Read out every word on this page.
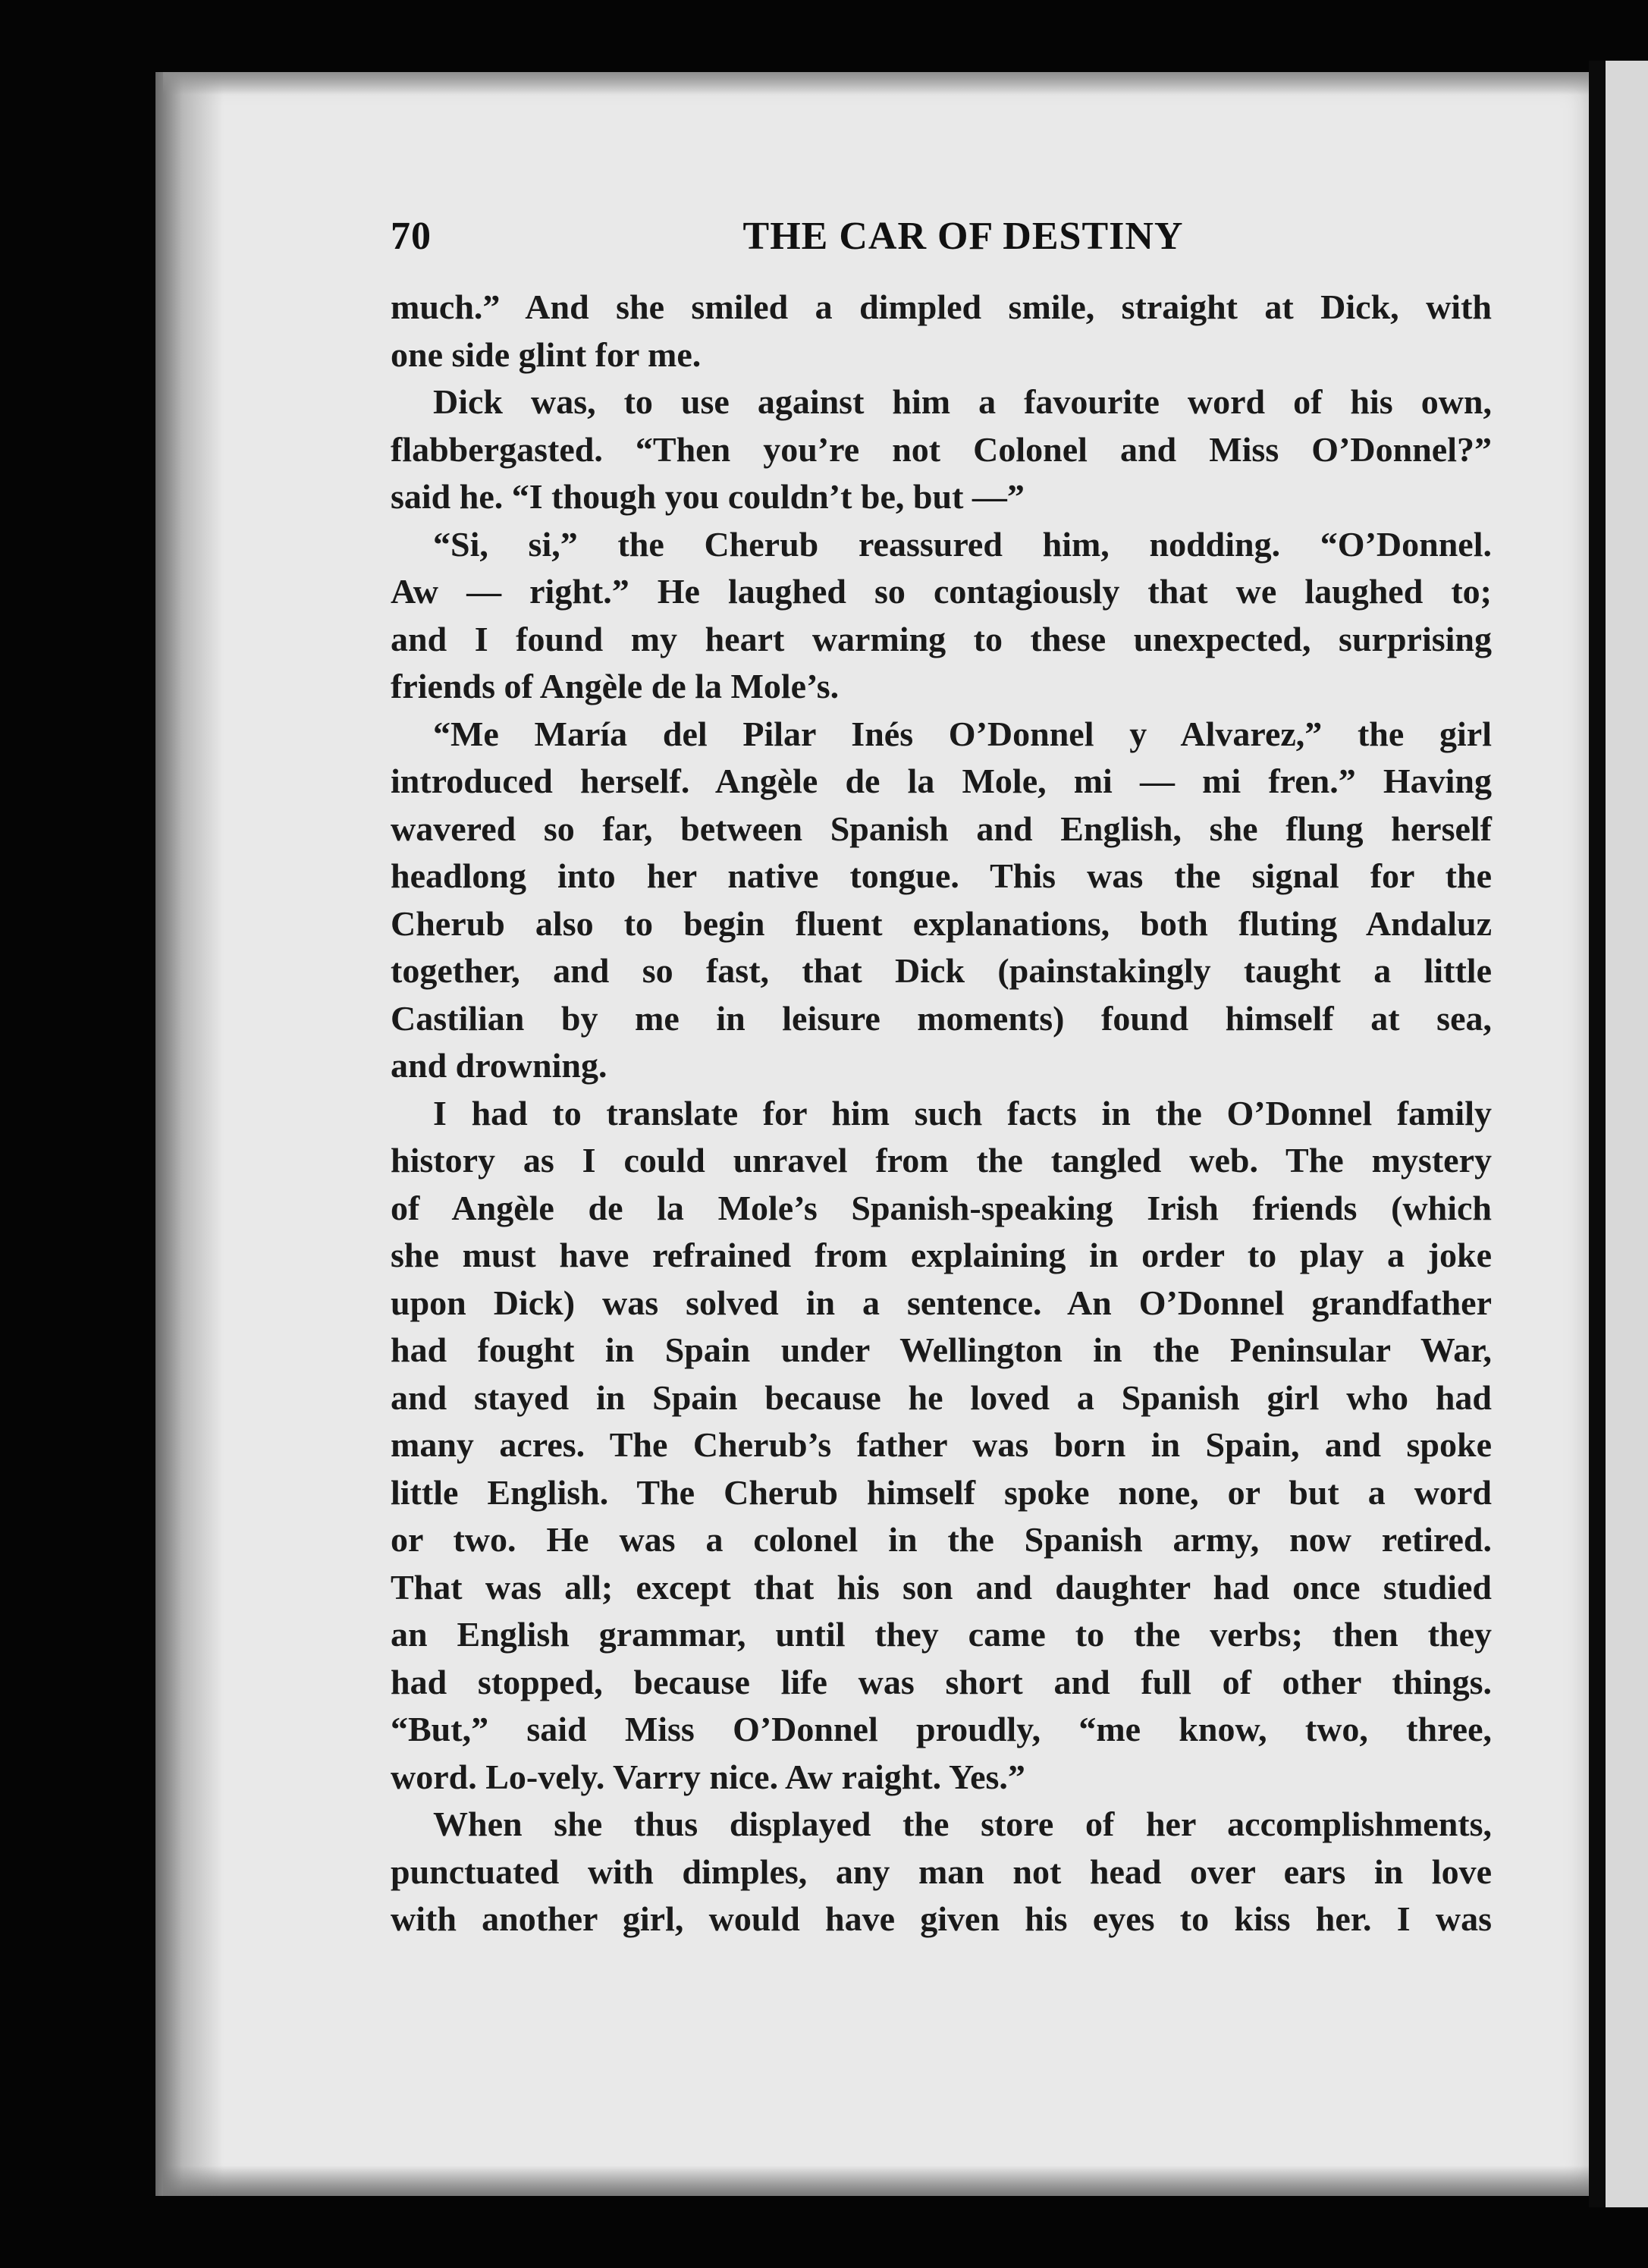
70	THE CAR OF DESTINY
much.” And she smiled a dimpled smile, straight at Dick, with
one side glint for me.
Dick was, to use against him a favourite word of his own,
flabbergasted. “Then you’re not Colonel and Miss O’Donnel?”
said he. “I though you couldn’t be, but —”
“Si, si,” the Cherub reassured him, nodding. “O’Donnel.
Aw — right.” He laughed so contagiously that we laughed to;
and I found my heart warming to these unexpected, surprising
friends of Angèle de la Mole’s.
“Me María del Pilar Inés O’Donnel y Alvarez,” the girl
introduced herself. Angèle de la Mole, mi — mi fren.” Having
wavered so far, between Spanish and English, she flung herself
headlong into her native tongue. This was the signal for the
Cherub also to begin fluent explanations, both fluting Andaluz
together, and so fast, that Dick (painstakingly taught a little
Castilian by me in leisure moments) found himself at sea,
and drowning.
I had to translate for him such facts in the O’Donnel family
history as I could unravel from the tangled web. The mystery
of Angèle de la Mole’s Spanish-speaking Irish friends (which
she must have refrained from explaining in order to play a joke
upon Dick) was solved in a sentence. An O’Donnel grandfather
had fought in Spain under Wellington in the Peninsular War,
and stayed in Spain because he loved a Spanish girl who had
many acres. The Cherub’s father was born in Spain, and spoke
little English. The Cherub himself spoke none, or but a word
or two. He was a colonel in the Spanish army, now retired.
That was all; except that his son and daughter had once studied
an English grammar, until they came to the verbs; then they
had stopped, because life was short and full of other things.
“But,” said Miss O’Donnel proudly, “me know, two, three,
word. Lo-vely. Varry nice. Aw raight. Yes.”
When she thus displayed the store of her accomplishments,
punctuated with dimples, any man not head over ears in love
with another girl, would have given his eyes to kiss her. I was
